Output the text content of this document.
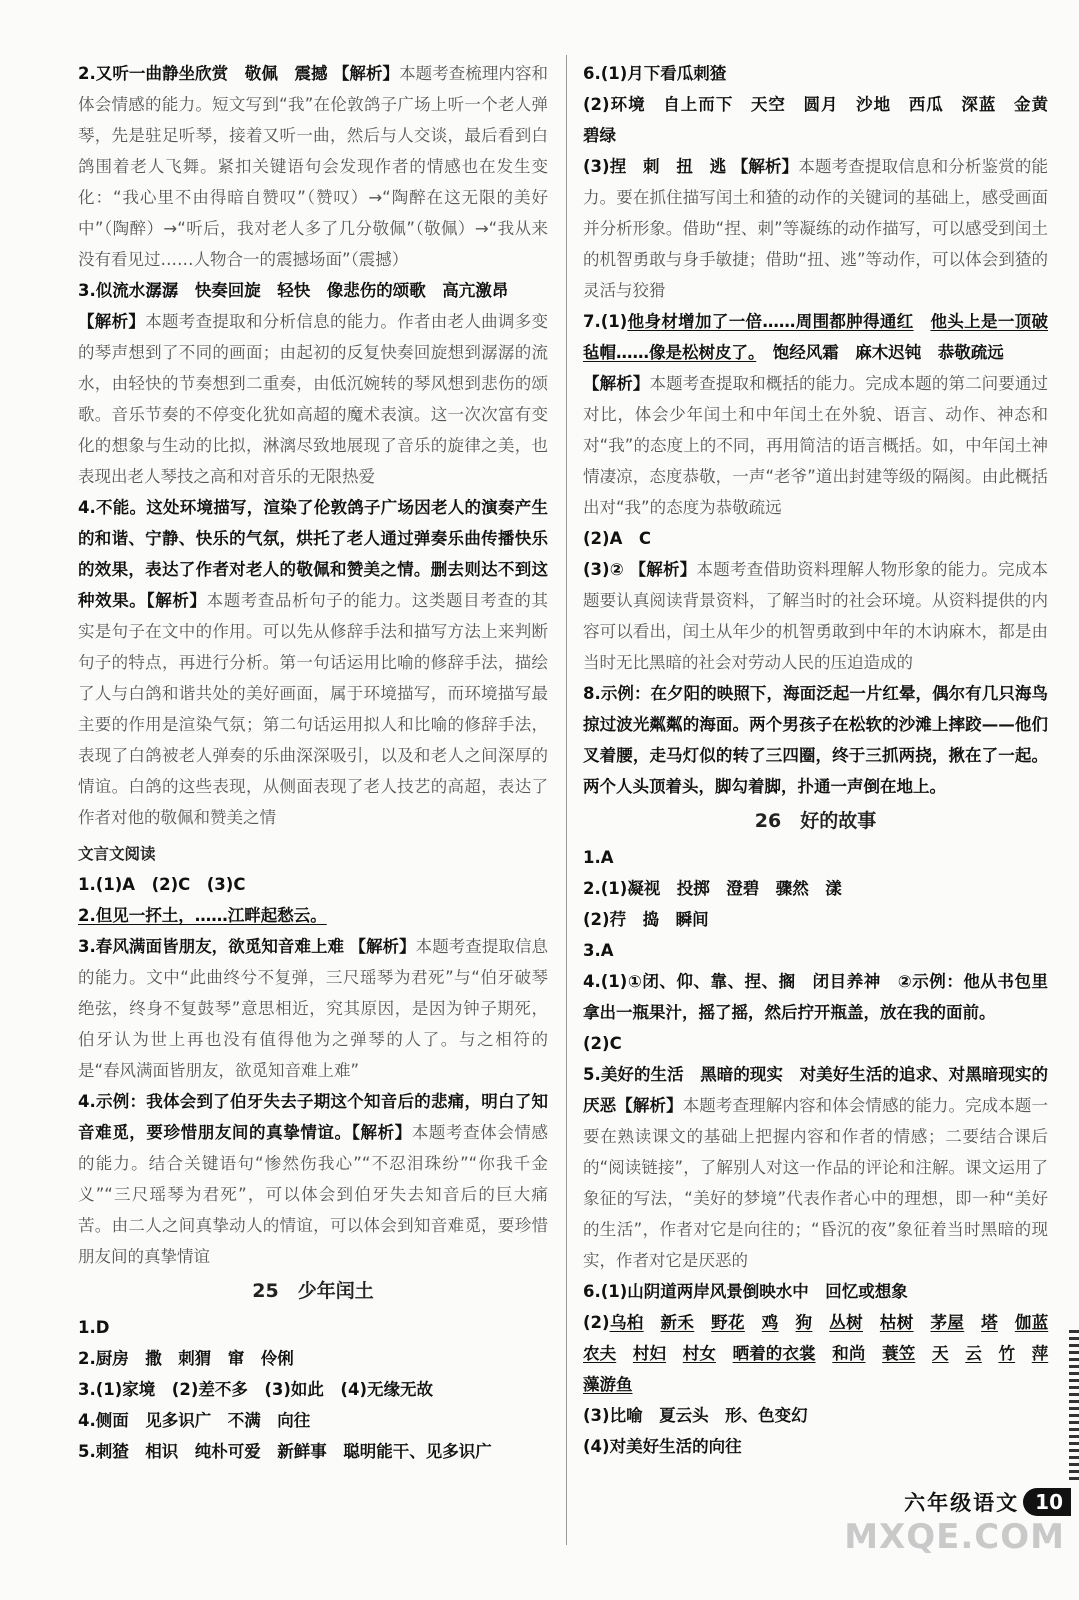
2.又听一曲静坐欣赏　敬佩　震撼 【解析】本题考查梳理内容和体会情感的能力。短文写到“我”在伦敦鸽子广场上听一个老人弹琴，先是驻足听琴，接着又听一曲，然后与人交谈，最后看到白鸽围着老人飞舞。紧扣关键语句会发现作者的情感也在发生变化：“我心里不由得暗自赞叹”（赞叹）→“陶醉在这无限的美好中”（陶醉）→“听后，我对老人多了几分敬佩”（敬佩）→“我从来没有看见过……人物合一的震撼场面”（震撼）

3.似流水潺潺　快奏回旋　轻快　像悲伤的颂歌　高亢激昂
【解析】本题考查提取和分析信息的能力。作者由老人曲调多变的琴声想到了不同的画面；由起初的反复快奏回旋想到潺潺的流水，由轻快的节奏想到二重奏，由低沉婉转的琴风想到悲伤的颂歌。音乐节奏的不停变化犹如高超的魔术表演。这一次次富有变化的想象与生动的比拟，淋漓尽致地展现了音乐的旋律之美，也表现出老人琴技之高和对音乐的无限热爱

4.不能。这处环境描写，渲染了伦敦鸽子广场因老人的演奏产生的和谐、宁静、快乐的气氛，烘托了老人通过弹奏乐曲传播快乐的效果，表达了作者对老人的敬佩和赞美之情。删去则达不到这种效果。【解析】本题考查品析句子的能力。这类题目考查的其实是句子在文中的作用。可以先从修辞手法和描写方法上来判断句子的特点，再进行分析。第一句话运用比喻的修辞手法，描绘了人与白鸽和谐共处的美好画面，属于环境描写，而环境描写最主要的作用是渲染气氛；第二句话运用拟人和比喻的修辞手法，表现了白鸽被老人弹奏的乐曲深深吸引，以及和老人之间深厚的情谊。白鸽的这些表现，从侧面表现了老人技艺的高超，表达了作者对他的敬佩和赞美之情

文言文阅读

1.(1)A　(2)C　(3)C

2.但见一抔土，……江畔起愁云。

3.春风满面皆朋友，欲觅知音难上难 【解析】本题考查提取信息的能力。文中“此曲终兮不复弹，三尺瑶琴为君死”与“伯牙破琴绝弦，终身不复鼓琴”意思相近，究其原因，是因为钟子期死，伯牙认为世上再也没有值得他为之弹琴的人了。与之相符的是“春风满面皆朋友，欲觅知音难上难”

4.示例：我体会到了伯牙失去子期这个知音后的悲痛，明白了知音难觅，要珍惜朋友间的真挚情谊。【解析】本题考查体会情感的能力。结合关键语句“惨然伤我心”“不忍泪珠纷”“你我千金义”“三尺瑶琴为君死”，可以体会到伯牙失去知音后的巨大痛苦。由二人之间真挚动人的情谊，可以体会到知音难觅，要珍惜朋友间的真挚情谊

25　少年闰土

1.D

2.厨房　撒　刺猬　窜　伶俐

3.(1)家境　(2)差不多　(3)如此　(4)无缘无故

4.侧面　见多识广　不满　向往

5.刺猹　相识　纯朴可爱　新鲜事　聪明能干、见多识广

6.(1)月下看瓜刺猹

(2)环境　自上而下　天空　圆月　沙地　西瓜　深蓝　金黄　碧绿

(3)捏　刺　扭　逃 【解析】本题考查提取信息和分析鉴赏的能力。要在抓住描写闰土和猹的动作的关键词的基础上，感受画面并分析形象。借助“捏、刺”等凝练的动作描写，可以感受到闰土的机智勇敢与身手敏捷；借助“扭、逃”等动作，可以体会到猹的灵活与狡猾

7.(1)他身材增加了一倍……周围都肿得通红　 他头上是一顶破毡帽……像是松树皮了。　饱经风霜　麻木迟钝　恭敬疏远

【解析】本题考查提取和概括的能力。完成本题的第二问要通过对比，体会少年闰土和中年闰土在外貌、语言、动作、神态和对“我”的态度上的不同，再用简洁的语言概括。如，中年闰土神情凄凉，态度恭敬，一声“老爷”道出封建等级的隔阂。由此概括出对“我”的态度为恭敬疏远

(2)A　C

(3)② 【解析】本题考查借助资料理解人物形象的能力。完成本题要认真阅读背景资料，了解当时的社会环境。从资料提供的内容可以看出，闰土从年少的机智勇敢到中年的木讷麻木，都是由当时无比黑暗的社会对劳动人民的压迫造成的

8.示例：在夕阳的映照下，海面泛起一片红晕，偶尔有几只海鸟掠过波光粼粼的海面。两个男孩子在松软的沙滩上摔跤——他们叉着腰，走马灯似的转了三四圈，终于三抓两挠，揪在了一起。两个人头顶着头，脚勾着脚，扑通一声倒在地上。

26　好的故事

1.A

2.(1)凝视　投掷　澄碧　骤然　漾

(2)荇　捣　瞬间

3.A

4.(1)①闭、仰、靠、捏、搁　闭目养神　②示例：他从书包里拿出一瓶果汁，摇了摇，然后拧开瓶盖，放在我的面前。

(2)C

5.美好的生活　黑暗的现实　对美好生活的追求、对黑暗现实的厌恶【解析】本题考查理解内容和体会情感的能力。完成本题一要在熟读课文的基础上把握内容和作者的情感；二要结合课后的“阅读链接”，了解别人对这一作品的评论和注解。课文运用了象征的写法，“美好的梦境”代表作者心中的理想，即一种“美好的生活”，作者对它是向往的；“昏沉的夜”象征着当时黑暗的现实，作者对它是厌恶的

6.(1)山阴道两岸风景倒映水中　回忆或想象

(2)乌桕　 新禾　 野花　 鸡　 狗　 丛树　 枯树　 茅屋　 塔　 伽蓝　农夫　 村妇　 村女　 晒着的衣裳　 和尚　 蓑笠　 天　 云　 竹　 萍藻游鱼

(3)比喻　夏云头　形、色变幻

(4)对美好生活的向往

六年级语文 10
MXQE.COM
